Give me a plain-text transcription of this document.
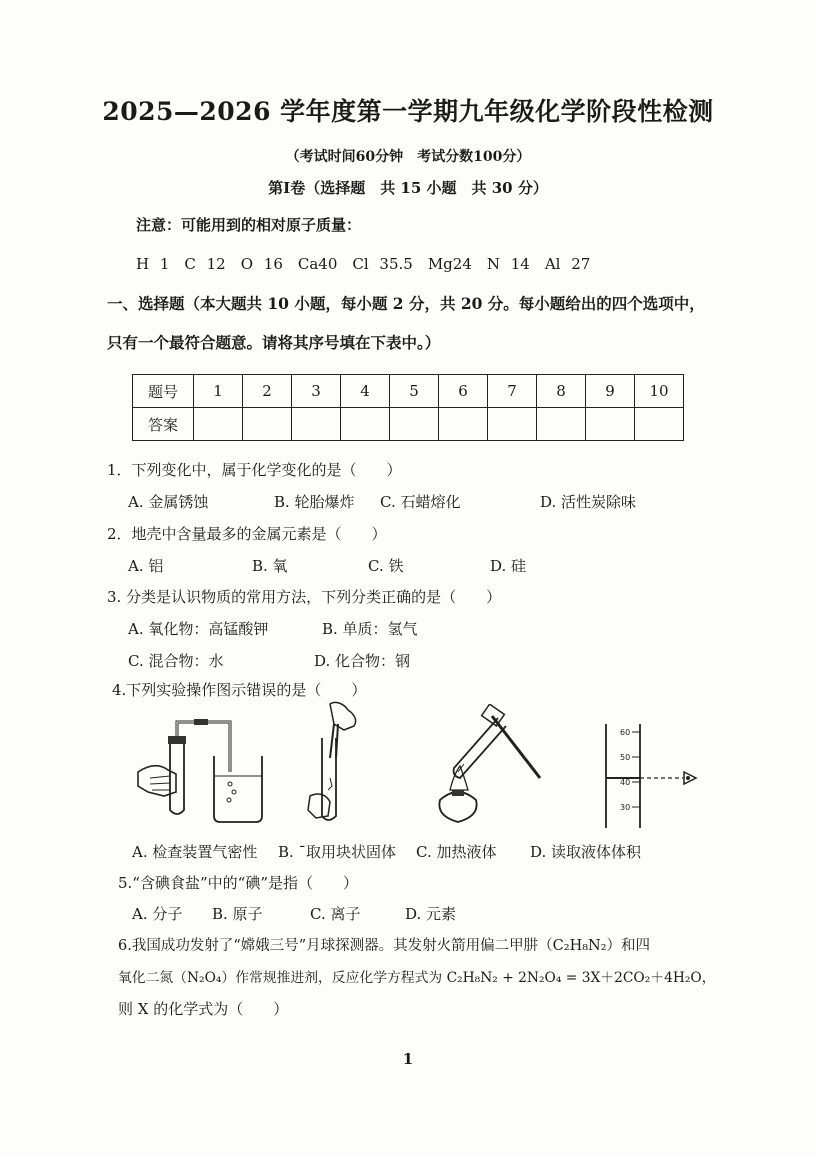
2025—2026 学年度第一学期九年级化学阶段性检测
（考试时间60分钟　考试分数100分）
第Ⅰ卷（选择题　共 15 小题　共 30 分）
注意：可能用到的相对原子质量：
H 1　C 12　O 16　Ca40　Cl 35.5　Mg24　N 14　Al 27
一、选择题（本大题共 10 小题，每小题 2 分，共 20 分。每小题给出的四个选项中，
只有一个最符合题意。请将其序号填在下表中。）
题号	1	2	3	4	5	6	7	8	9	10
答案										
1．下列变化中，属于化学变化的是（　　）
A. 金属锈蚀	B. 轮胎爆炸 C. 石蜡熔化	D. 活性炭除味
2．地壳中含量最多的金属元素是（　　）
A. 铝	B. 氧	C. 铁	D. 硅
3. 分类是认识物质的常用方法，下列分类正确的是（　　）
A. 氧化物：高锰酸钾	B. 单质：氢气
C. 混合物：水	D. 化合物：钢
4.下列实验操作图示错误的是（　　）
60
50
40
30
A. 检查装置气密性 B. ¯取用块状固体 C. 加热液体 D. 读取液体体积
5.“含碘食盐”中的“碘”是指（　　）
A. 分子 B. 原子	C. 离子	D. 元素
6.我国成功发射了“嫦娥三号”月球探测器。其发射火箭用偏二甲肼（C₂H₈N₂）和四
氧化二氮（N₂O₄）作常规推进剂，反应化学方程式为 C₂H₈N₂ + 2N₂O₄ = 3X＋2CO₂＋4H₂O，
则 X 的化学式为（　　）
1
